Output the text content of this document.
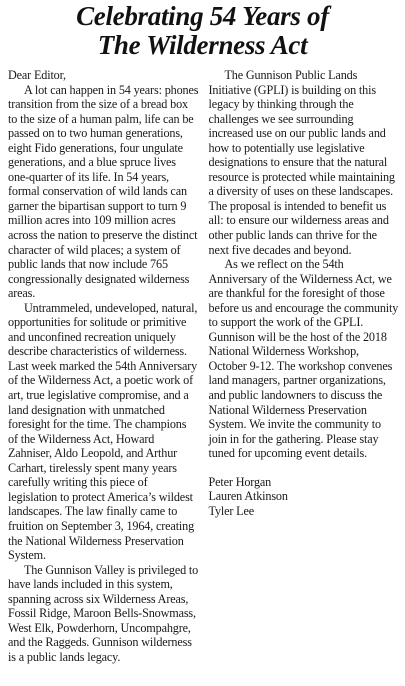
Celebrating 54 Years of
The Wilderness Act

Dear Editor,

A lot can happen in 54 years: phones transition from the size of a bread box to the size of a human palm, life can be passed on to two human generations, eight Fido generations, four ungulate generations, and a blue spruce lives one-quarter of its life. In 54 years, formal conservation of wild lands can garner the bipartisan support to turn 9 million acres into 109 million acres across the nation to preserve the distinct character of wild places; a system of public lands that now include 765 congressionally designated wilderness areas.

Untrammeled, undeveloped, natural, opportunities for solitude or primitive and unconfined recreation uniquely describe characteristics of wilderness. Last week marked the 54th Anniversary of the Wilderness Act, a poetic work of art, true legislative compromise, and a land designation with unmatched foresight for the time. The champions of the Wilderness Act, Howard Zahniser, Aldo Leopold, and Arthur Carhart, tirelessly spent many years carefully writing this piece of legislation to protect America’s wildest landscapes. The law finally came to fruition on September 3, 1964, creating the National Wilderness Preservation System.

The Gunnison Valley is privileged to have lands included in this system, spanning across six Wilderness Areas, Fossil Ridge, Maroon Bells-Snowmass, West Elk, Powderhorn, Uncompahgre, and the Raggeds. Gunnison wilderness is a public lands legacy.

The Gunnison Public Lands Initiative (GPLI) is building on this legacy by thinking through the challenges we see surrounding increased use on our public lands and how to potentially use legislative designations to ensure that the natural resource is protected while maintaining a diversity of uses on these landscapes. The proposal is intended to benefit us all: to ensure our wilderness areas and other public lands can thrive for the next five decades and beyond.

As we reflect on the 54th Anniversary of the Wilderness Act, we are thankful for the foresight of those before us and encourage the community to support the work of the GPLI. Gunnison will be the host of the 2018 National Wilderness Workshop, October 9-12. The workshop convenes land managers, partner organizations, and public landowners to discuss the National Wilderness Preservation System. We invite the community to join in for the gathering. Please stay tuned for upcoming event details.

Peter Horgan
Lauren Atkinson
Tyler Lee
